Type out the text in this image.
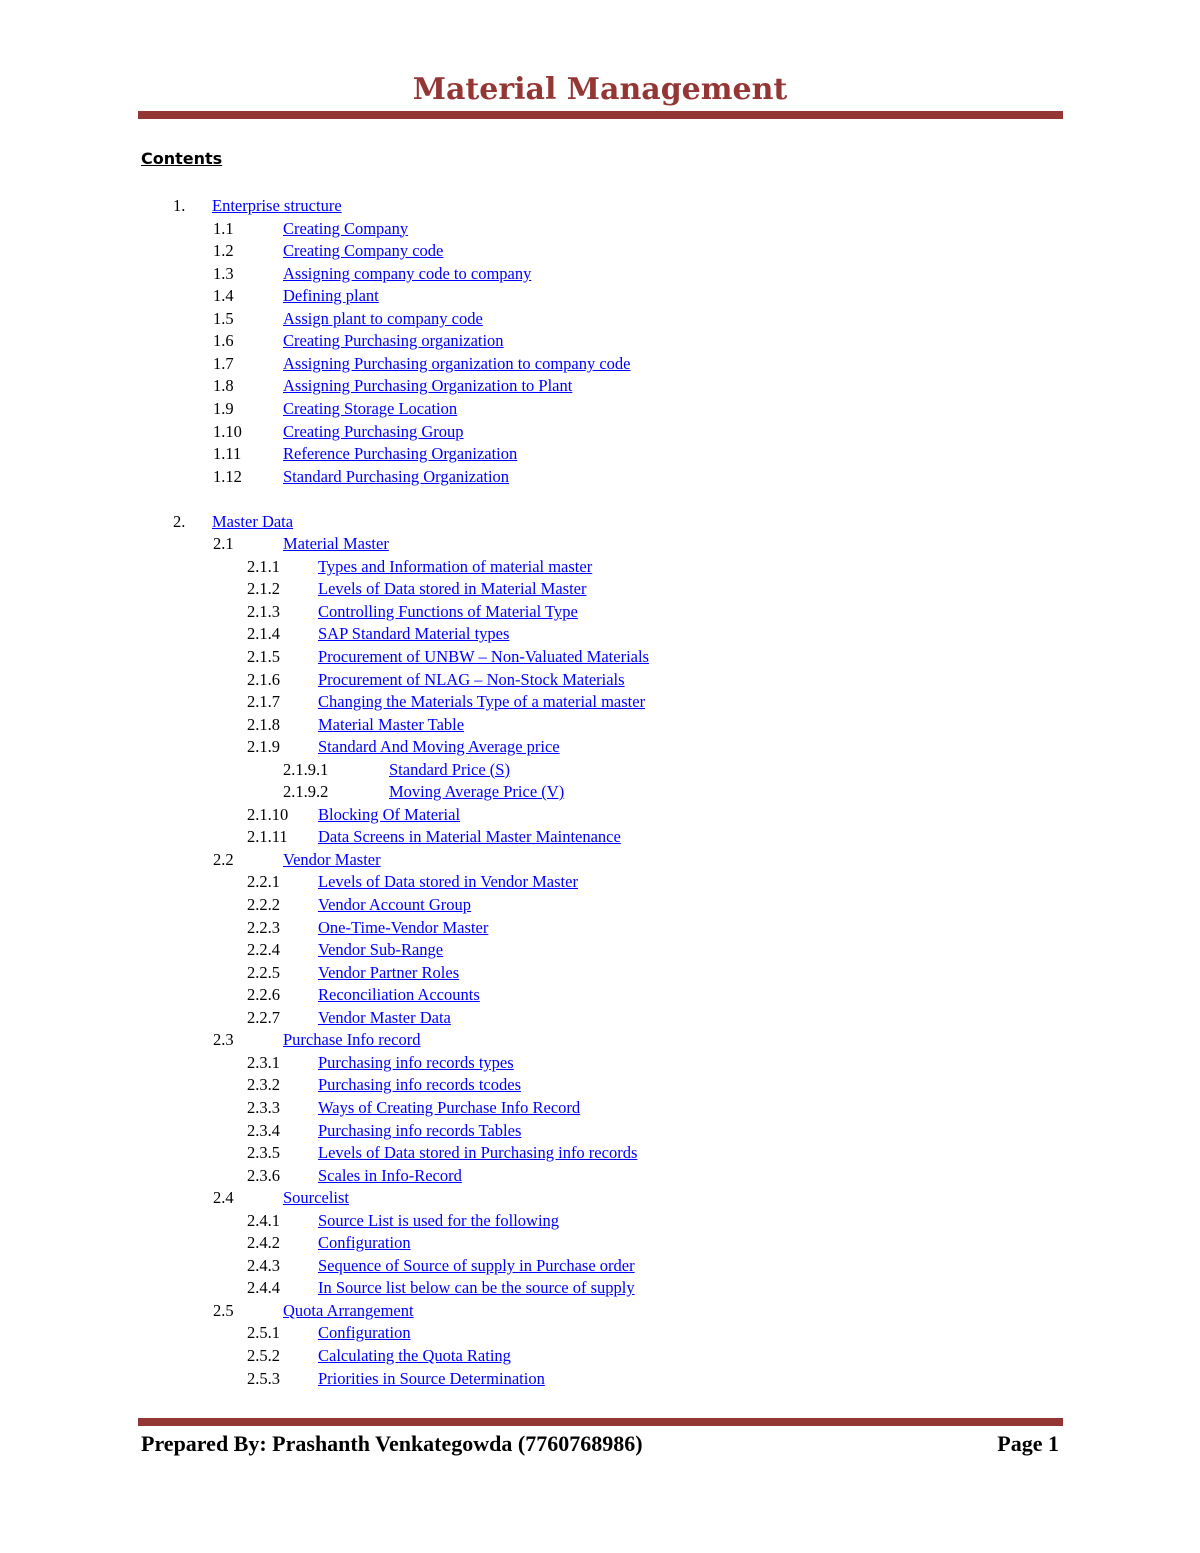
Material Management
Contents
1. Enterprise structure
1.1	Creating Company
1.2	Creating Company code
1.3	Assigning company code to company
1.4	Defining plant
1.5	Assign plant to company code
1.6	Creating Purchasing organization
1.7	Assigning Purchasing organization to company code
1.8	Assigning Purchasing Organization to Plant
1.9	Creating Storage Location
1.10 Creating Purchasing Group
1.11	Reference Purchasing Organization
1.12 Standard Purchasing Organization
2. Master Data
2.1	Material Master
2.1.1 Types and Information of material master
2.1.2 Levels of Data stored in Material Master
2.1.3 Controlling Functions of Material Type
2.1.4 SAP Standard Material types
2.1.5 Procurement of UNBW – Non-Valuated Materials
2.1.6 Procurement of NLAG – Non-Stock Materials
2.1.7 Changing the Materials Type of a material master
2.1.8 Material Master Table
2.1.9 Standard And Moving Average price
2.1.9.1	Standard Price (S)
2.1.9.2	Moving Average Price (V)
2.1.10 Blocking Of Material
2.1.11 Data Screens in Material Master Maintenance
2.2	Vendor Master
2.2.1 Levels of Data stored in Vendor Master
2.2.2 Vendor Account Group
2.2.3 One-Time-Vendor Master
2.2.4 Vendor Sub-Range
2.2.5 Vendor Partner Roles
2.2.6 Reconciliation Accounts
2.2.7 Vendor Master Data
2.3	Purchase Info record
2.3.1 Purchasing info records types
2.3.2 Purchasing info records tcodes
2.3.3 Ways of Creating Purchase Info Record
2.3.4 Purchasing info records Tables
2.3.5 Levels of Data stored in Purchasing info records
2.3.6 Scales in Info-Record
2.4	Sourcelist
2.4.1 Source List is used for the following
2.4.2 Configuration
2.4.3 Sequence of Source of supply in Purchase order
2.4.4 In Source list below can be the source of supply
2.5	Quota Arrangement
2.5.1 Configuration
2.5.2 Calculating the Quota Rating
2.5.3 Priorities in Source Determination
Prepared By: Prashanth Venkategowda (7760768986)	Page 1
